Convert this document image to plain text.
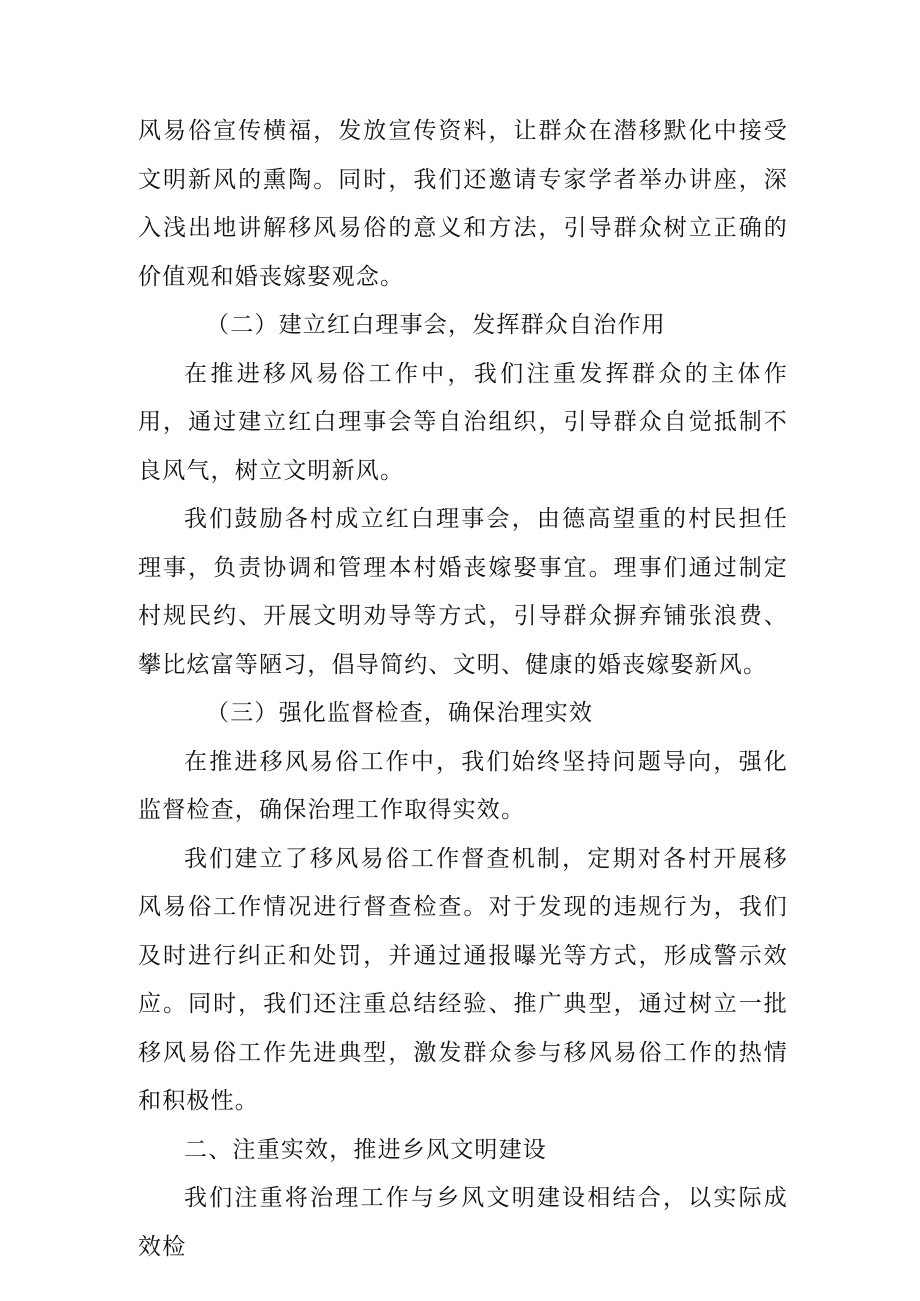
风易俗宣传横福，发放宣传资料，让群众在潜移默化中接受文明新风的熏陶。同时，我们还邀请专家学者举办讲座，深入浅出地讲解移风易俗的意义和方法，引导群众树立正确的价值观和婚丧嫁娶观念。

（二）建立红白理事会，发挥群众自治作用

在推进移风易俗工作中，我们注重发挥群众的主体作用，通过建立红白理事会等自治组织，引导群众自觉抵制不良风气，树立文明新风。

我们鼓励各村成立红白理事会，由德高望重的村民担任理事，负责协调和管理本村婚丧嫁娶事宜。理事们通过制定村规民约、开展文明劝导等方式，引导群众摒弃铺张浪费、攀比炫富等陋习，倡导简约、文明、健康的婚丧嫁娶新风。

（三）强化监督检查，确保治理实效

在推进移风易俗工作中，我们始终坚持问题导向，强化监督检查，确保治理工作取得实效。

我们建立了移风易俗工作督查机制，定期对各村开展移风易俗工作情况进行督查检查。对于发现的违规行为，我们及时进行纠正和处罚，并通过通报曝光等方式，形成警示效应。同时，我们还注重总结经验、推广典型，通过树立一批移风易俗工作先进典型，激发群众参与移风易俗工作的热情和积极性。

二、注重实效，推进乡风文明建设

我们注重将治理工作与乡风文明建设相结合，以实际成效检
